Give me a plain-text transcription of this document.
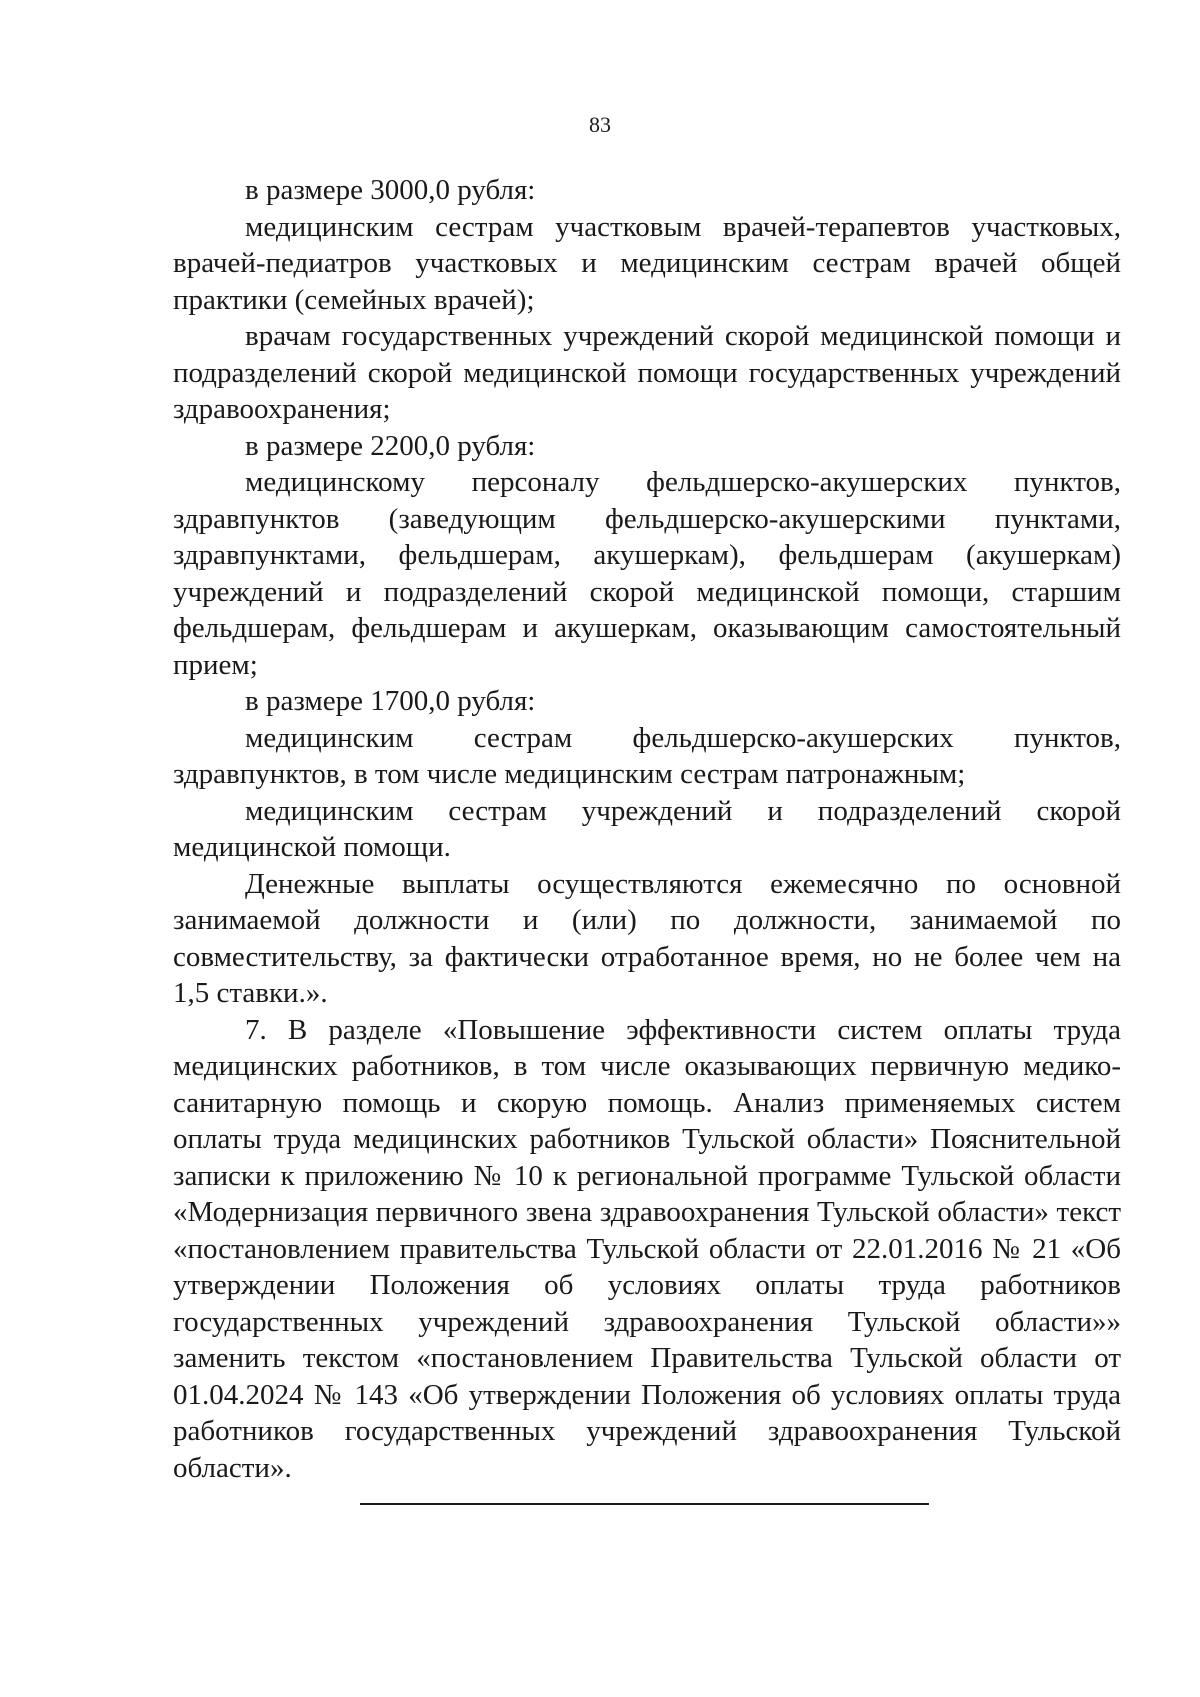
83

в размере 3000,0 рубля:

медицинским сестрам участковым врачей-терапевтов участковых, врачей-педиатров участковых и медицинским сестрам врачей общей практики (семейных врачей);

врачам государственных учреждений скорой медицинской помощи и подразделений скорой медицинской помощи государственных учреждений здравоохранения;

в размере 2200,0 рубля:

медицинскому персоналу фельдшерско-акушерских пунктов, здравпунктов (заведующим фельдшерско-акушерскими пунктами, здравпунктами, фельдшерам, акушеркам), фельдшерам (акушеркам) учреждений и подразделений скорой медицинской помощи, старшим фельдшерам, фельдшерам и акушеркам, оказывающим самостоятельный прием;

в размере 1700,0 рубля:

медицинским сестрам фельдшерско-акушерских пунктов, здравпунктов, в том числе медицинским сестрам патронажным;

медицинским сестрам учреждений и подразделений скорой медицинской помощи.

Денежные выплаты осуществляются ежемесячно по основной занимаемой должности и (или) по должности, занимаемой по совместительству, за фактически отработанное время, но не более чем на 1,5 ставки.».

7. В разделе «Повышение эффективности систем оплаты труда медицинских работников, в том числе оказывающих первичную медико-санитарную помощь и скорую помощь. Анализ применяемых систем оплаты труда медицинских работников Тульской области» Пояснительной записки к приложению № 10 к региональной программе Тульской области «Модернизация первичного звена здравоохранения Тульской области» текст «постановлением правительства Тульской области от 22.01.2016 № 21 «Об утверждении Положения об условиях оплаты труда работников государственных учреждений здравоохранения Тульской области»» заменить текстом «постановлением Правительства Тульской области от 01.04.2024 № 143 «Об утверждении Положения об условиях оплаты труда работников государственных учреждений здравоохранения Тульской области».
